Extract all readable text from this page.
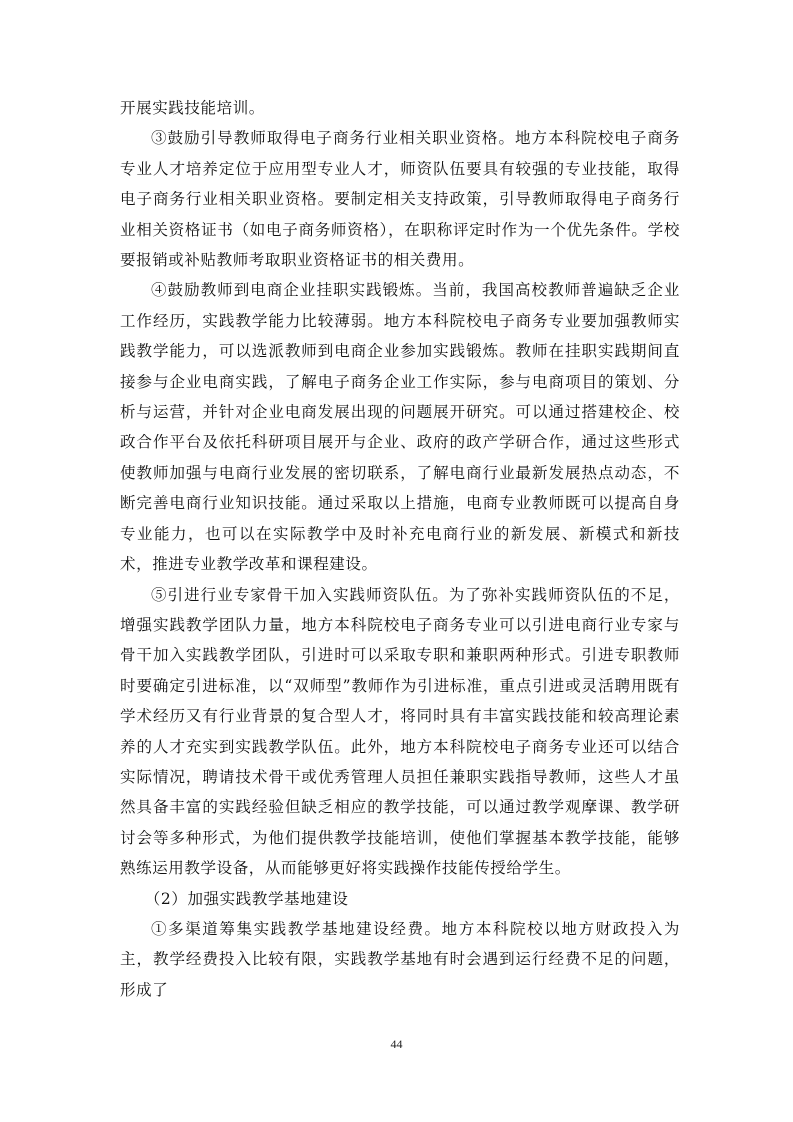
开展实践技能培训。

③鼓励引导教师取得电子商务行业相关职业资格。地方本科院校电子商务专业人才培养定位于应用型专业人才，师资队伍要具有较强的专业技能，取得电子商务行业相关职业资格。要制定相关支持政策，引导教师取得电子商务行业相关资格证书（如电子商务师资格），在职称评定时作为一个优先条件。学校要报销或补贴教师考取职业资格证书的相关费用。

④鼓励教师到电商企业挂职实践锻炼。当前，我国高校教师普遍缺乏企业工作经历，实践教学能力比较薄弱。地方本科院校电子商务专业要加强教师实践教学能力，可以选派教师到电商企业参加实践锻炼。教师在挂职实践期间直接参与企业电商实践，了解电子商务企业工作实际，参与电商项目的策划、分析与运营，并针对企业电商发展出现的问题展开研究。可以通过搭建校企、校政合作平台及依托科研项目展开与企业、政府的政产学研合作，通过这些形式使教师加强与电商行业发展的密切联系，了解电商行业最新发展热点动态，不断完善电商行业知识技能。通过采取以上措施，电商专业教师既可以提高自身专业能力，也可以在实际教学中及时补充电商行业的新发展、新模式和新技术，推进专业教学改革和课程建设。

⑤引进行业专家骨干加入实践师资队伍。为了弥补实践师资队伍的不足，增强实践教学团队力量，地方本科院校电子商务专业可以引进电商行业专家与骨干加入实践教学团队，引进时可以采取专职和兼职两种形式。引进专职教师时要确定引进标准，以“双师型”教师作为引进标准，重点引进或灵活聘用既有学术经历又有行业背景的复合型人才，将同时具有丰富实践技能和较高理论素养的人才充实到实践教学队伍。此外，地方本科院校电子商务专业还可以结合实际情况，聘请技术骨干或优秀管理人员担任兼职实践指导教师，这些人才虽然具备丰富的实践经验但缺乏相应的教学技能，可以通过教学观摩课、教学研讨会等多种形式，为他们提供教学技能培训，使他们掌握基本教学技能，能够熟练运用教学设备，从而能够更好将实践操作技能传授给学生。

（2）加强实践教学基地建设

①多渠道筹集实践教学基地建设经费。地方本科院校以地方财政投入为主，教学经费投入比较有限，实践教学基地有时会遇到运行经费不足的问题，形成了

44
